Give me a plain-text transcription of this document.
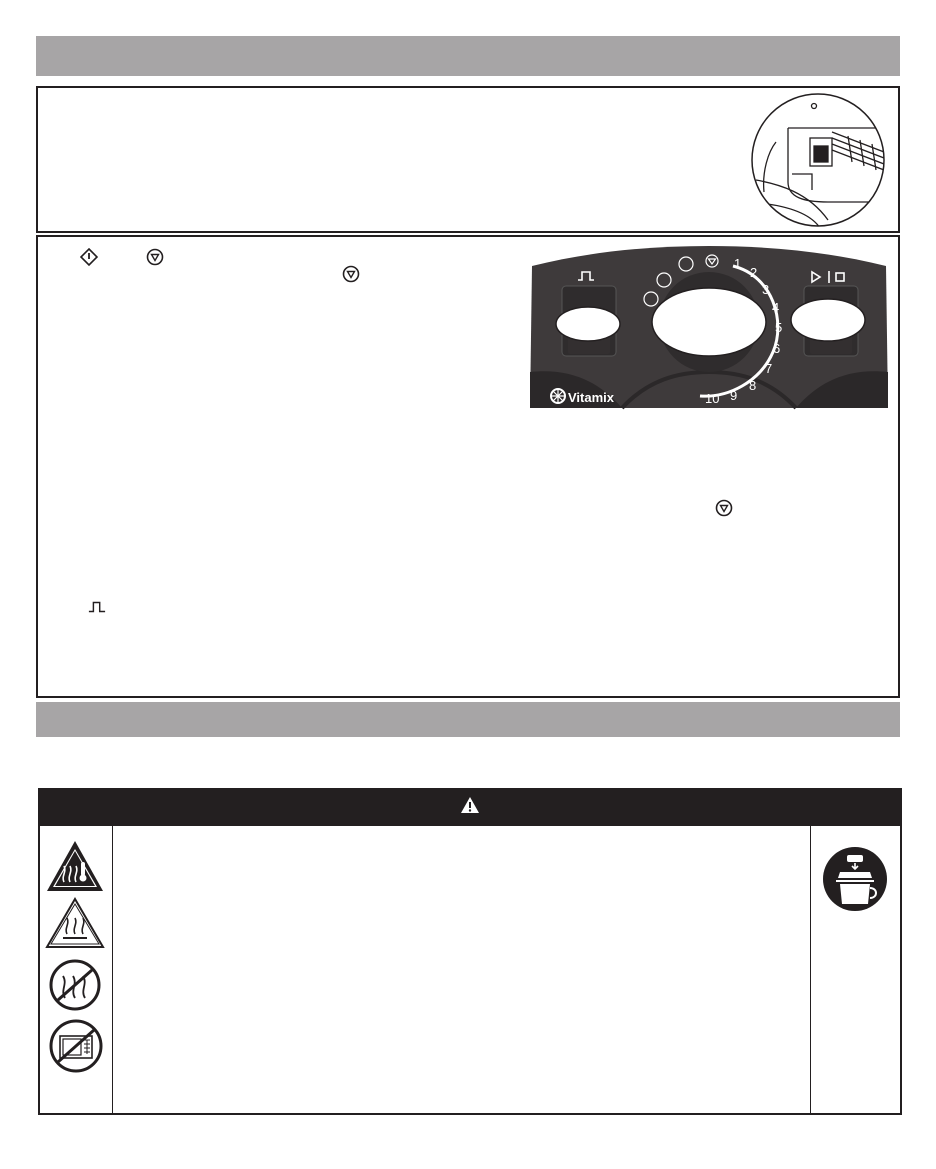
1
2
3
4
5
6
7
8
9
10
Vitamix
